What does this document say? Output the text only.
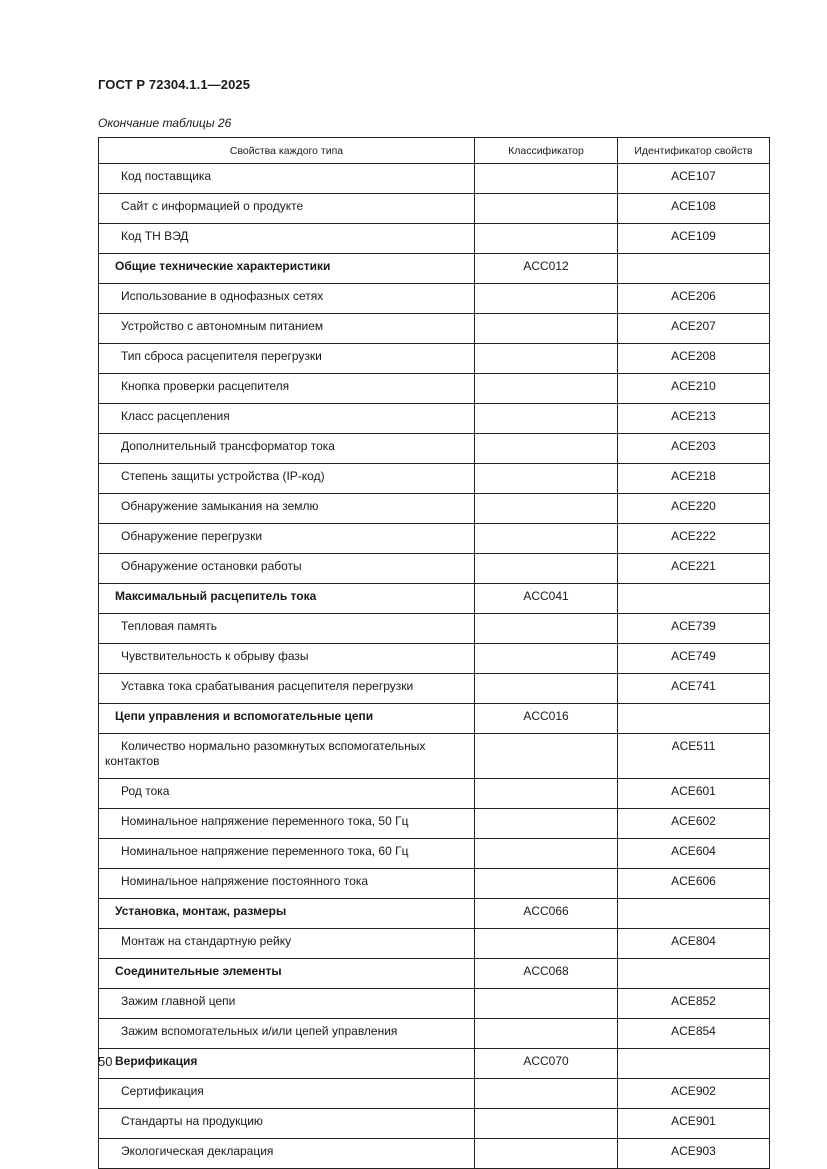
ГОСТ Р 72304.1.1—2025
Окончание таблицы 26
Свойства каждого типа	Классификатор	Идентификатор свойств
Код поставщика		ACE107
Сайт с информацией о продукте		ACE108
Код ТН ВЭД		ACE109
Общие технические характеристики	ACC012	
Использование в однофазных сетях		ACE206
Устройство с автономным питанием		ACE207
Тип сброса расцепителя перегрузки		ACE208
Кнопка проверки расцепителя		ACE210
Класс расцепления		ACE213
Дополнительный трансформатор тока		ACE203
Степень защиты устройства (IP-код)		ACE218
Обнаружение замыкания на землю		ACE220
Обнаружение перегрузки		ACE222
Обнаружение остановки работы		ACE221
Максимальный расцепитель тока	ACC041	
Тепловая память		ACE739
Чувствительность к обрыву фазы		ACE749
Уставка тока срабатывания расцепителя перегрузки		ACE741
Цепи управления и вспомогательные цепи	ACC016	
Количество нормально разомкнутых вспомогательных контактов		ACE511
Род тока		ACE601
Номинальное напряжение переменного тока, 50 Гц		ACE602
Номинальное напряжение переменного тока, 60 Гц		ACE604
Номинальное напряжение постоянного тока		ACE606
Установка, монтаж, размеры	ACC066	
Монтаж на стандартную рейку		ACE804
Соединительные элементы	ACC068	
Зажим главной цепи		ACE852
Зажим вспомогательных и/или цепей управления		ACE854
Верификация	ACC070	
Сертификация		ACE902
Стандарты на продукцию		ACE901
Экологическая декларация		ACE903
50
